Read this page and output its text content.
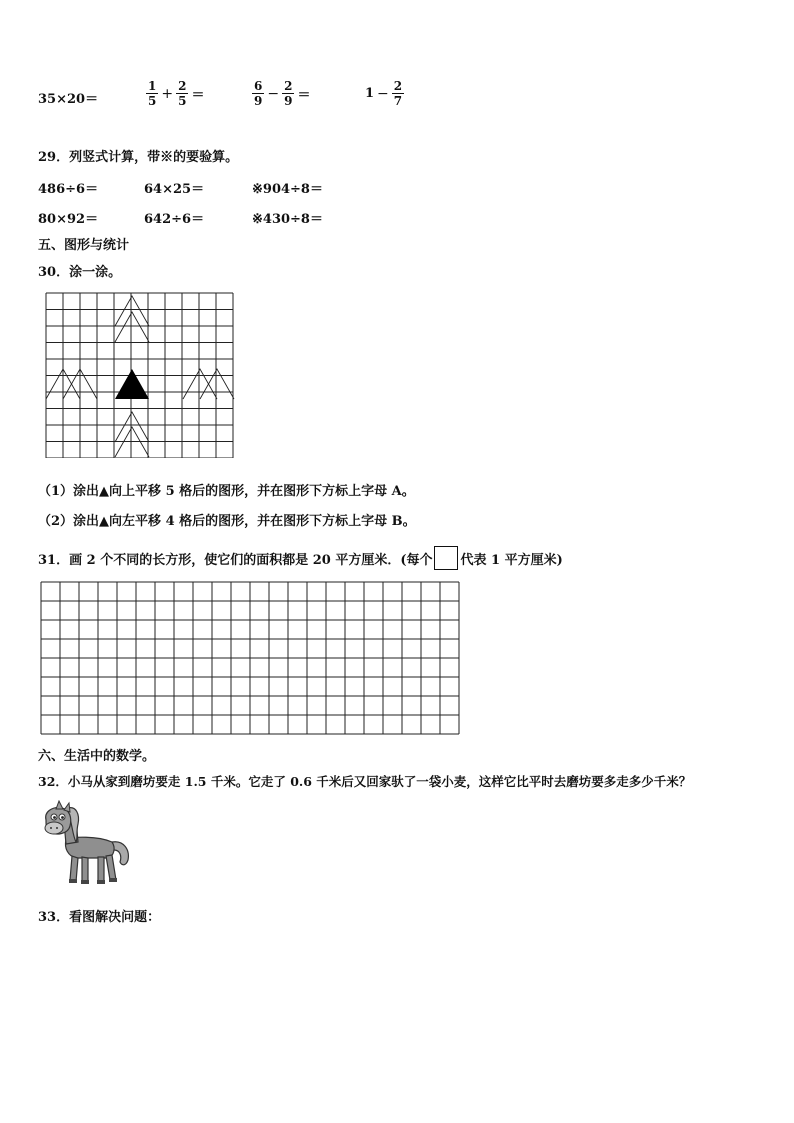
35×20＝	$\frac{1}{5} + \frac{2}{5}$ ＝	$\frac{6}{9} - \frac{2}{9}$ ＝	$1 - \frac{2}{7}$
29．列竖式计算，带※的要验算。
486÷6＝	64×25＝	※904÷8＝
80×92＝	642÷6＝	※430÷8＝
五、图形与统计
30．涂一涂。
（1）涂出▲向上平移 5 格后的图形，并在图形下方标上字母 A。
（2）涂出▲向左平移 4 格后的图形，并在图形下方标上字母 B。
31．画 2 个不同的长方形，使它们的面积都是 20 平方厘米．(每个 代表 1 平方厘米)
六、生活中的数学。
32．小马从家到磨坊要走 1.5 千米。它走了 0.6 千米后又回家驮了一袋小麦，这样它比平时去磨坊要多走多少千米？
33．看图解决问题：
